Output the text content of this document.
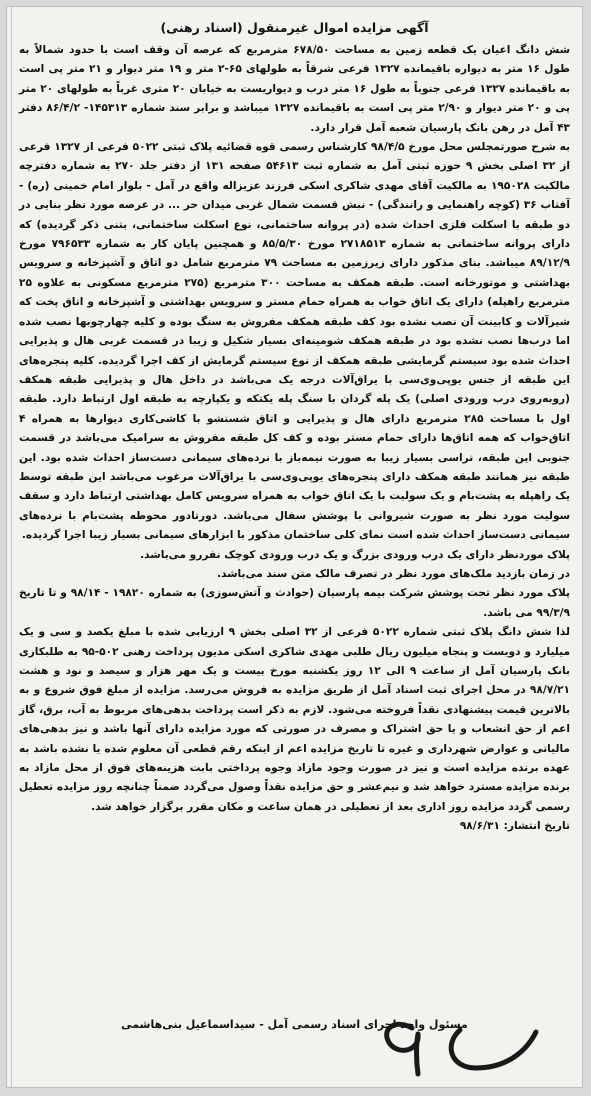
آگهی مزایده اموال غیرمنقول (اسناد رهنی)

شش دانگ اعیان یک قطعه زمین به مساحت ۶۷۸/۵۰ مترمربع که عرصه آن وقف است با حدود شمالاً به طول ۱۶ متر به دیواره باقیمانده ۱۳۲۷ فرعی شرقاً به طولهای ۶۵-۲ متر و ۱۹ متر دیوار و ۲۱ متر پی است به باقیمانده ۱۳۲۷ فرعی جنوباً به طول ۱۶ متر درب و دیواریست به خیابان ۲۰ متری غرباً به طولهای ۲۰ متر پی و ۲۰ متر دیوار و ۲/۹۰ متر پی است به باقیمانده ۱۳۲۷ میباشد و برابر سند شماره ۱۴۵۳۱۳- ۸۶/۴/۲ دفتر ۴۳ آمل در رهن بانک پارسیان شعبه آمل قرار دارد.

به شرح صورتمجلس محل مورخ ۹۸/۴/۵ کارشناس رسمی قوه قضائیه پلاک ثبتی ۵۰۲۲ فرعی از ۱۳۲۷ فرعی از ۳۲ اصلی بخش ۹ حوزه ثبتی آمل به شماره ثبت ۵۴۶۱۳ صفحه ۱۳۱ از دفتر جلد ۲۷۰ به شماره دفترچه مالکیت ۱۹۵۰۲۸ به مالکیت آقای مهدی شاکری اسکی فرزند عزیزاله واقع در آمل - بلوار امام خمینی (ره) - آفتاب ۳۶ (کوچه راهنمایی و رانندگی) - نبش قسمت شمال غربی میدان حر ... در عرصه مورد نظر بنایی در دو طبقه با اسکلت فلزی احداث شده (در پروانه ساختمانی، نوع اسکلت ساختمانی، بتنی ذکر گردیده) که دارای پروانه ساختمانی به شماره ۲۷۱۸۵۱۳ مورخ ۸۵/۵/۳۰ و همچنین پایان کار به شماره ۷۹۶۵۳۳ مورخ ۸۹/۱۲/۹ میباشد. بنای مذکور دارای زیرزمین به مساحت ۷۹ مترمربع شامل دو اتاق و آشپزخانه و سرویس بهداشتی و موتورخانه است. طبقه همکف به مساحت ۳۰۰ مترمربع (۲۷۵ مترمربع مسکونی به علاوه ۲۵ مترمربع راهپله) دارای یک اتاق خواب به همراه حمام مستر و سرویس بهداشتی و آشپزخانه و اتاق پخت که شیرآلات و کابینت آن نصب نشده بود کف طبقه همکف مفروش به سنگ بوده و کلیه چهارچوبها نصب شده اما درب‌ها نصب نشده بود در طبقه همکف شومینه‌ای بسیار شکیل و زیبا در قسمت غربی هال و پذیرایی احداث شده بود سیستم گرمایشی طبقه همکف از نوع سیستم گرمایش از کف اجرا گردیده. کلیه پنجره‌های این طبقه از جنس یوپی‌وی‌سی با یراق‌آلات درجه یک می‌باشد در داخل هال و پذیرایی طبقه همکف (روبه‌روی درب ورودی اصلی) یک پله گردان با سنگ پله یکتکه و یکپارچه به طبقه اول ارتباط دارد. طبقه اول با مساحت ۲۸۵ مترمربع دارای هال و پذیرایی و اتاق شستشو با کاشی‌کاری دیوارها به همراه ۴ اتاق‌خواب که همه اتاق‌ها دارای حمام مستر بوده و کف کل طبقه مفروش به سرامیک می‌باشد در قسمت جنوبی این طبقه، تراسی بسیار زیبا به صورت نیمه‌باز با نرده‌های سیمانی دست‌ساز احداث شده بود. این طبقه نیز همانند طبقه همکف دارای پنجره‌های یوپی‌وی‌سی با یراق‌آلات مرغوب می‌باشد این طبقه توسط یک راهپله به پشت‌بام و یک سولیت با یک اتاق خواب به همراه سرویس کامل بهداشتی ارتباط دارد و سقف سولیت مورد نظر به صورت شیروانی با پوشش سفال می‌باشد. دورتادور محوطه پشت‌بام با نرده‌های سیمانی دست‌ساز احداث شده است نمای کلی ساختمان مذکور با ابزارهای سیمانی بسیار زیبا اجرا گردیده.

پلاک موردنظر دارای یک درب ورودی بزرگ و یک درب ورودی کوچک نفررو می‌باشد.

در زمان بازدید ملک‌های مورد نظر در تصرف مالک متن سند می‌باشد.

پلاک مورد نظر تحت پوشش شرکت بیمه پارسیان (حوادث و آتش‌سوزی) به شماره ۱۹۸۲۰ - ۹۸/۱۴ و تا تاریخ ۹۹/۳/۹ می باشد.

لذا شش دانگ پلاک ثبتی شماره ۵۰۲۲ فرعی از ۳۲ اصلی بخش ۹ ارزیابی شده با مبلغ یکصد و سی و یک میلیارد و دویست و پنجاه میلیون ریال طلبی مهدی شاکری اسکی مدیون پرداخت رهنی ۵۰۲-۹۵ به طلبکاری بانک پارسیان آمل از ساعت ۹ الی ۱۲ روز یکشنبه مورخ بیست و یک مهر هزار و سیصد و نود و هشت ۹۸/۷/۲۱ در محل اجرای ثبت اسناد آمل از طریق مزایده به فروش می‌رسد. مزایده از مبلغ فوق شروع و به بالاترین قیمت پیشنهادی نقداً فروخته می‌شود. لازم به ذکر است پرداخت بدهی‌های مربوط به آب، برق، گاز اعم از حق انشعاب و یا حق اشتراک و مصرف در صورتی که مورد مزایده دارای آنها باشد و نیز بدهی‌های مالیاتی و عوارض شهرداری و غیره تا تاریخ مزایده اعم از اینکه رقم قطعی آن معلوم شده یا نشده باشد به عهده برنده مزایده است و نیز در صورت وجود مازاد وجوه پرداختی بابت هزینه‌های فوق از محل مازاد به برنده مزایده مسترد خواهد شد و نیم‌عشر و حق مزایده نقداً وصول می‌گردد ضمناً چنانچه روز مزایده تعطیل رسمی گردد مزایده روز اداری بعد از تعطیلی در همان ساعت و مکان مقرر برگزار خواهد شد.

تاریخ انتشار: ۹۸/۶/۳۱

مسئول واحد اجرای اسناد رسمی آمل - سیداسماعیل بنی‌هاشمی
